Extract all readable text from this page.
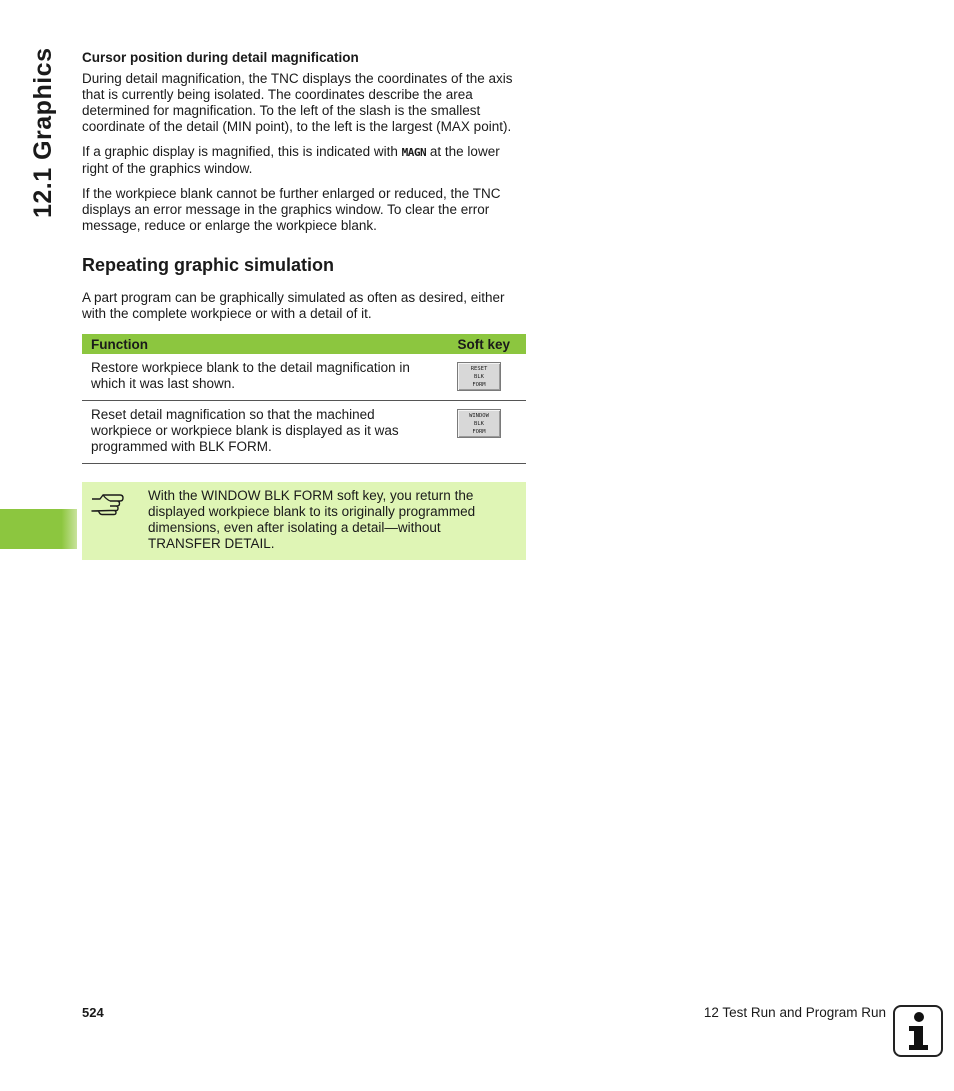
12.1 Graphics Cursor position during detail magnification

During detail magnification, the TNC displays the coordinates of the axis that is currently being isolated. The coordinates describe the area determined for magnification. To the left of the slash is the smallest coordinate of the detail (MIN point), to the left is the largest (MAX point).

If a graphic display is magnified, this is indicated with MAGN at the lower right of the graphics window.

If the workpiece blank cannot be further enlarged or reduced, the TNC displays an error message in the graphics window. To clear the error message, reduce or enlarge the workpiece blank.

Repeating graphic simulation

A part program can be graphically simulated as often as desired, either with the complete workpiece or with a detail of it.

Function	Soft key
Restore workpiece blank to the detail magnification in which it was last shown.	RESET
BLK
FORM

Reset detail magnification so that the machined workpiece or workpiece blank is displayed as it was programmed with BLK FORM.	WINDOW
BLK
FORM
With the WINDOW BLK FORM soft key, you return the displayed workpiece blank to its originally programmed dimensions, even after isolating a detail—without TRANSFER DETAIL.
524	12 Test Run and Program Run
